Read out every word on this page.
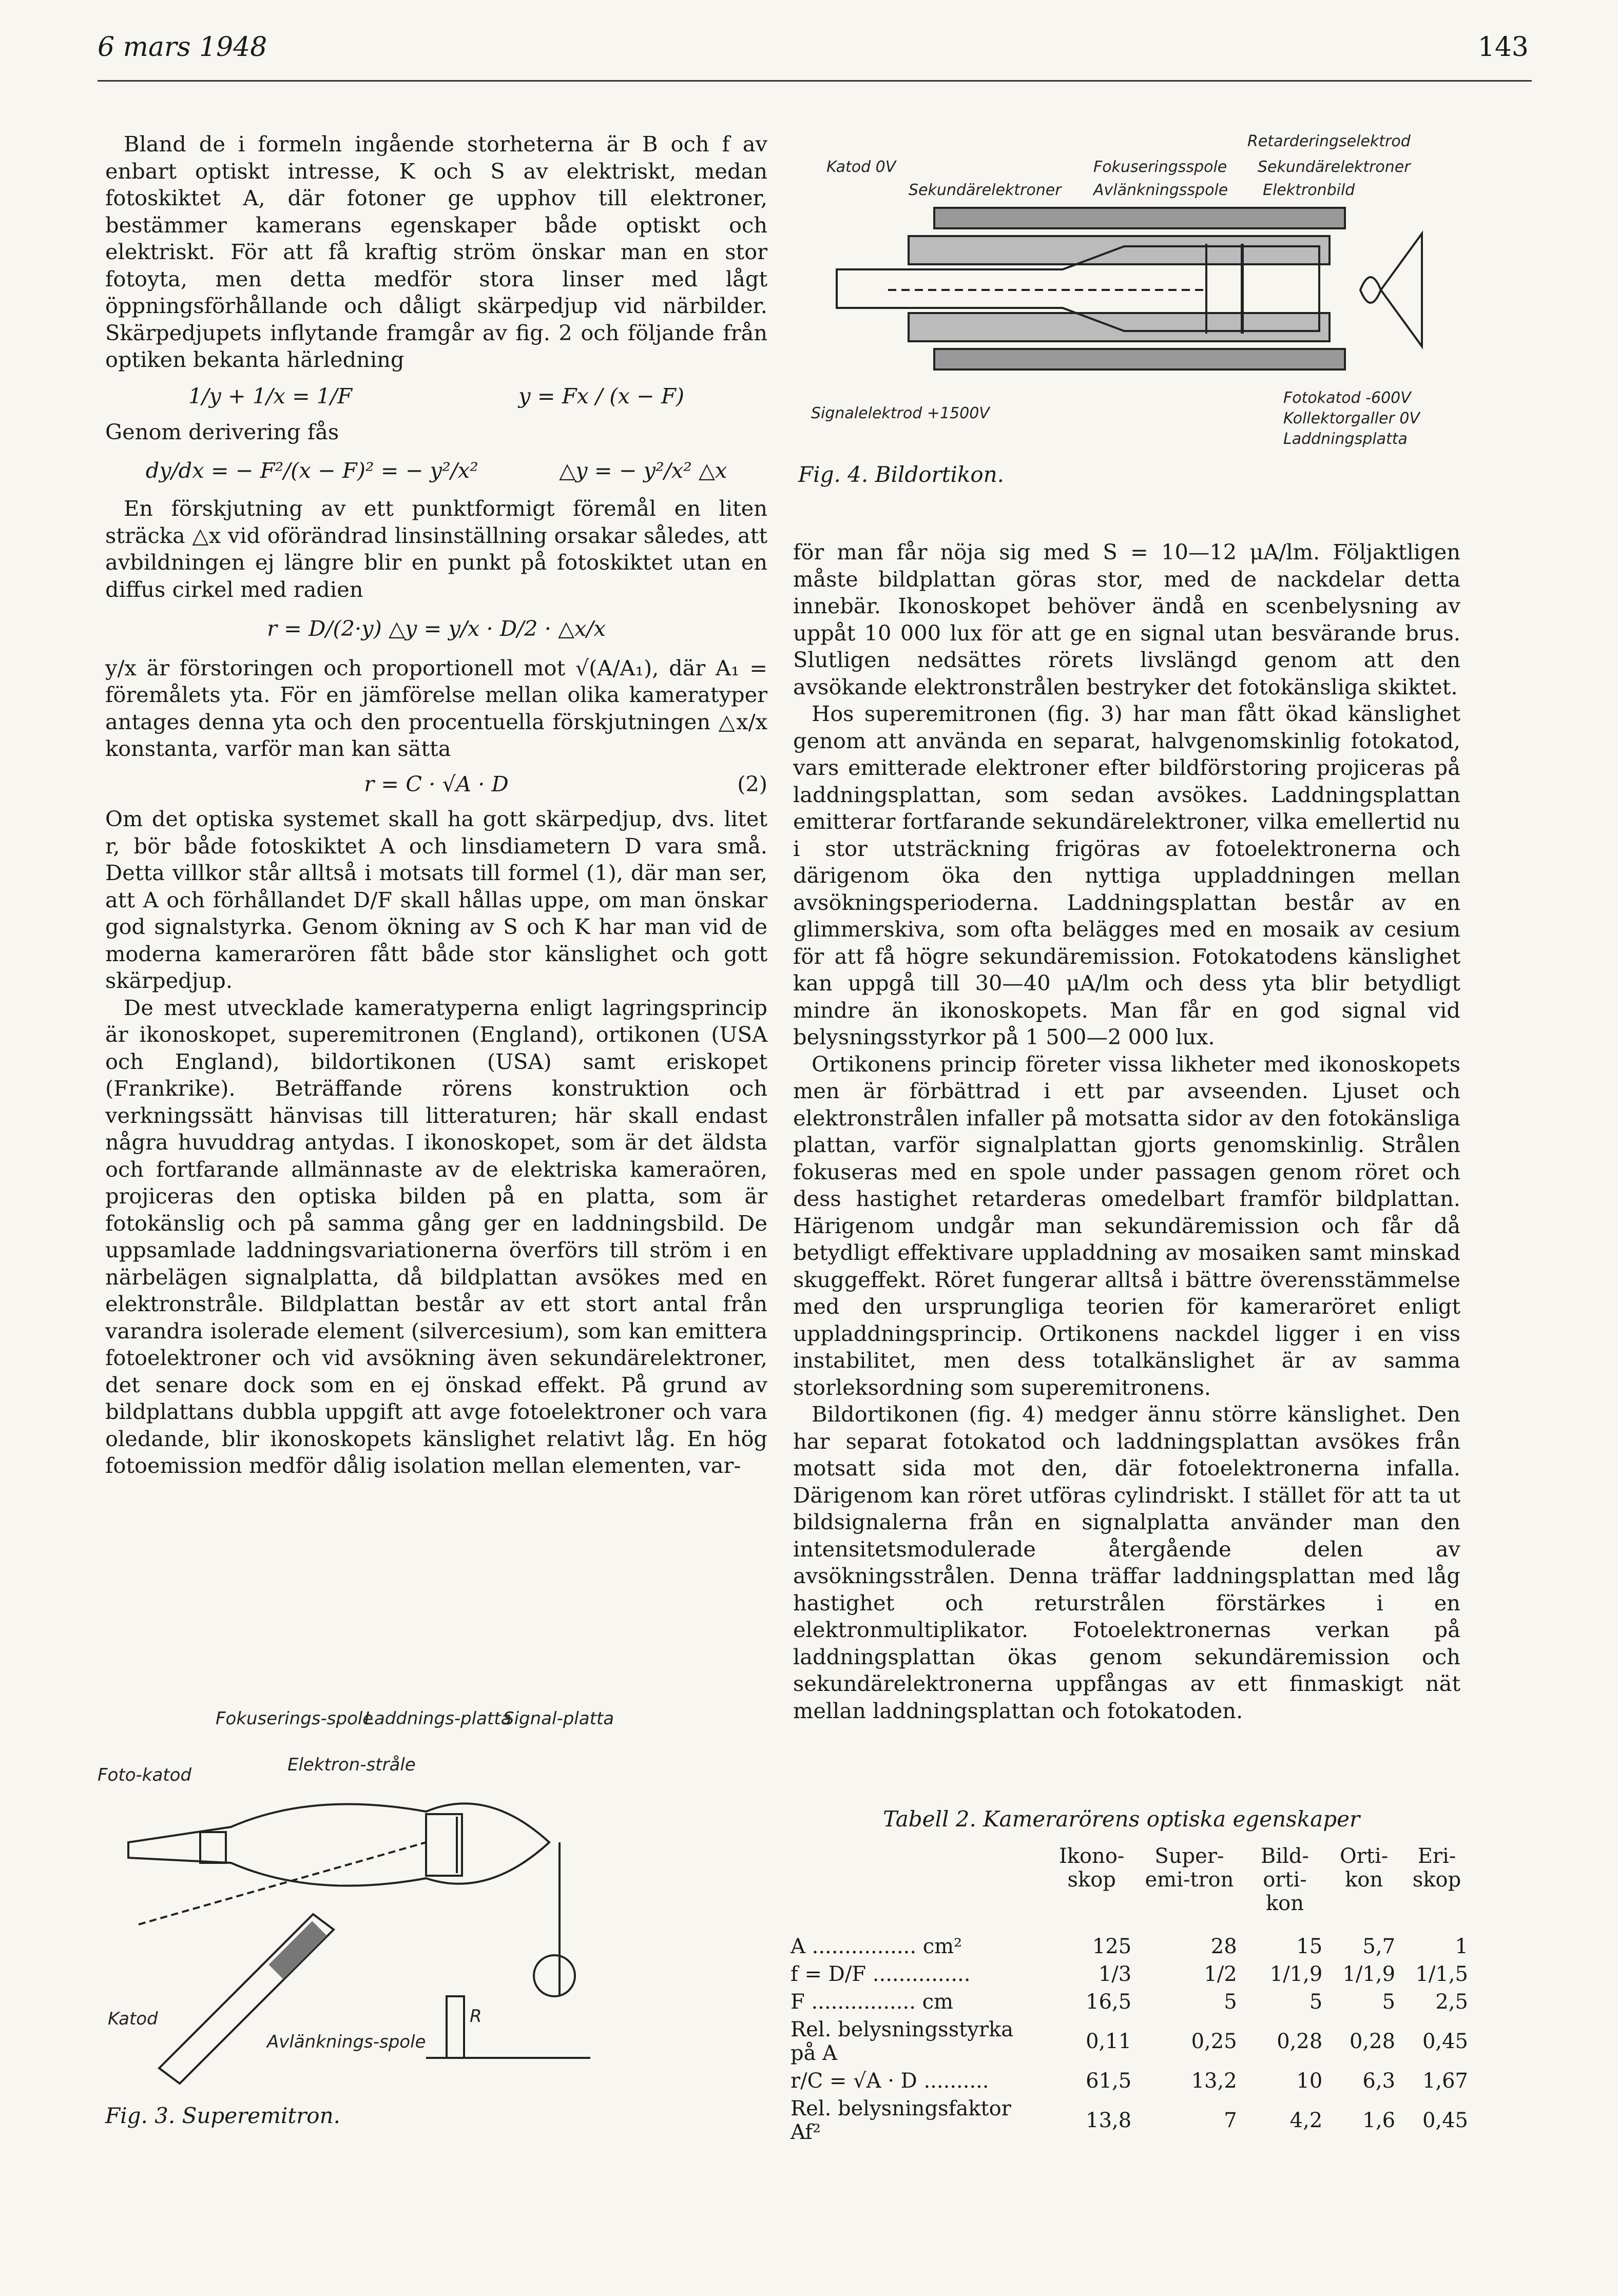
6 mars 1948	143

Bland de i formeln ingående storheterna är B och f av enbart optiskt intresse, K och S av elektriskt, medan fotoskiktet A, där fotoner ge upphov till elektroner, bestämmer kamerans egenskaper både optiskt och elektriskt. För att få kraftig ström önskar man en stor fotoyta, men detta medför stora linser med lågt öppningsförhållande och dåligt skärpedjup vid närbilder. Skärpedjupets inflytande framgår av fig. 2 och följande från optiken bekanta härledning

1/y + 1/x = 1/F	y = Fx / (x − F)

Genom derivering fås

dy/dx = − F²/(x − F)² = − y²/x²	△y = − y²/x² △x

En förskjutning av ett punktformigt föremål en liten sträcka △x vid oförändrad linsinställning orsakar således, att avbildningen ej längre blir en punkt på fotoskiktet utan en diffus cirkel med radien

r = D/(2·y) △y = y/x · D/2 · △x/x

y/x är förstoringen och proportionell mot √(A/A₁), där A₁ = föremålets yta. För en jämförelse mellan olika kameratyper antages denna yta och den procentuella förskjutningen △x/x konstanta, varför man kan sätta

r = C · √A · D	(2)

Om det optiska systemet skall ha gott skärpedjup, dvs. litet r, bör både fotoskiktet A och linsdiametern D vara små. Detta villkor står alltså i motsats till formel (1), där man ser, att A och förhållandet D/F skall hållas uppe, om man önskar god signalstyrka. Genom ökning av S och K har man vid de moderna kamerarören fått både stor känslighet och gott skärpedjup.

De mest utvecklade kameratyperna enligt lagringsprincip är ikonoskopet, superemitronen (England), ortikonen (USA och England), bildortikonen (USA) samt eriskopet (Frankrike). Beträffande rörens konstruktion och verkningssätt hänvisas till litteraturen; här skall endast några huvuddrag antydas. I ikonoskopet, som är det äldsta och fortfarande allmännaste av de elektriska kameraören, projiceras den optiska bilden på en platta, som är fotokänslig och på samma gång ger en laddningsbild. De uppsamlade laddningsvariationerna överförs till ström i en närbelägen signalplatta, då bildplattan avsökes med en elektronstråle. Bildplattan består av ett stort antal från varandra isolerade element (silvercesium), som kan emittera fotoelektroner och vid avsökning även sekundärelektroner, det senare dock som en ej önskad effekt. På grund av bildplattans dubbla uppgift att avge fotoelektroner och vara oledande, blir ikonoskopets känslighet relativt låg. En hög fotoemission medför dålig isolation mellan elementen, var-

Fokuserings-spole
Laddnings-platta
Signal-platta
Foto-katod	Elektron-stråle
Katod
Avlänknings-spole
R
Fig. 3. Superemitron.
Retarderingselektrod
Katod 0V	Fokuseringsspole Sekundärelektroner
Sekundärelektroner Avlänkningsspole Elektronbild
Signalelektrod +1500V
Fotokatod -600V
Kollektorgaller 0V
Laddningsplatta
Fig. 4. Bildortikon.

för man får nöja sig med S = 10—12 μA/lm. Följaktligen måste bildplattan göras stor, med de nackdelar detta innebär. Ikonoskopet behöver ändå en scenbelysning av uppåt 10 000 lux för att ge en signal utan besvärande brus. Slutligen nedsättes rörets livslängd genom att den avsökande elektronstrålen bestryker det fotokänsliga skiktet.

Hos superemitronen (fig. 3) har man fått ökad känslighet genom att använda en separat, halvgenomskinlig fotokatod, vars emitterade elektroner efter bildförstoring projiceras på laddningsplattan, som sedan avsökes. Laddningsplattan emitterar fortfarande sekundärelektroner, vilka emellertid nu i stor utsträckning frigöras av fotoelektronerna och därigenom öka den nyttiga uppladdningen mellan avsökningsperioderna. Laddningsplattan består av en glimmerskiva, som ofta belägges med en mosaik av cesium för att få högre sekundäremission. Fotokatodens känslighet kan uppgå till 30—40 μA/lm och dess yta blir betydligt mindre än ikonoskopets. Man får en god signal vid belysningsstyrkor på 1 500—2 000 lux.

Ortikonens princip företer vissa likheter med ikonoskopets men är förbättrad i ett par avseenden. Ljuset och elektronstrålen infaller på motsatta sidor av den fotokänsliga plattan, varför signalplattan gjorts genomskinlig. Strålen fokuseras med en spole under passagen genom röret och dess hastighet retarderas omedelbart framför bildplattan. Härigenom undgår man sekundäremission och får då betydligt effektivare uppladdning av mosaiken samt minskad skuggeffekt. Röret fungerar alltså i bättre överensstämmelse med den ursprungliga teorien för kameraröret enligt uppladdningsprincip. Ortikonens nackdel ligger i en viss instabilitet, men dess totalkänslighet är av samma storleksordning som superemitronens.

Bildortikonen (fig. 4) medger ännu större känslighet. Den har separat fotokatod och laddningsplattan avsökes från motsatt sida mot den, där fotoelektronerna infalla. Därigenom kan röret utföras cylindriskt. I stället för att ta ut bildsignalerna från en signalplatta använder man den intensitetsmodulerade återgående delen av avsökningsstrålen. Denna träffar laddningsplattan med låg hastighet och returstrålen förstärkes i en elektronmultiplikator. Fotoelektronernas verkan på laddningsplattan ökas genom sekundäremission och sekundärelektronerna uppfångas av ett finmaskigt nät mellan laddningsplattan och fotokatoden.

Tabell 2. Kamerarörens optiska egenskaper
	Ikono-skop	Super-emi-tron	Bild-orti-kon	Orti-kon	Eri-skop
A ................ cm²	125	28	15	5,7	1
f = D/F ...............	1/3	1/2	1/1,9	1/1,9	1/1,5
F ................ cm	16,5	5	5	5	2,5
Rel. belysningsstyrka på A	0,11	0,25	0,28	0,28	0,45
r/C = √A · D ..........	61,5	13,2	10	6,3	1,67
Rel. belysningsfaktor Af²	13,8	7	4,2	1,6	0,45
